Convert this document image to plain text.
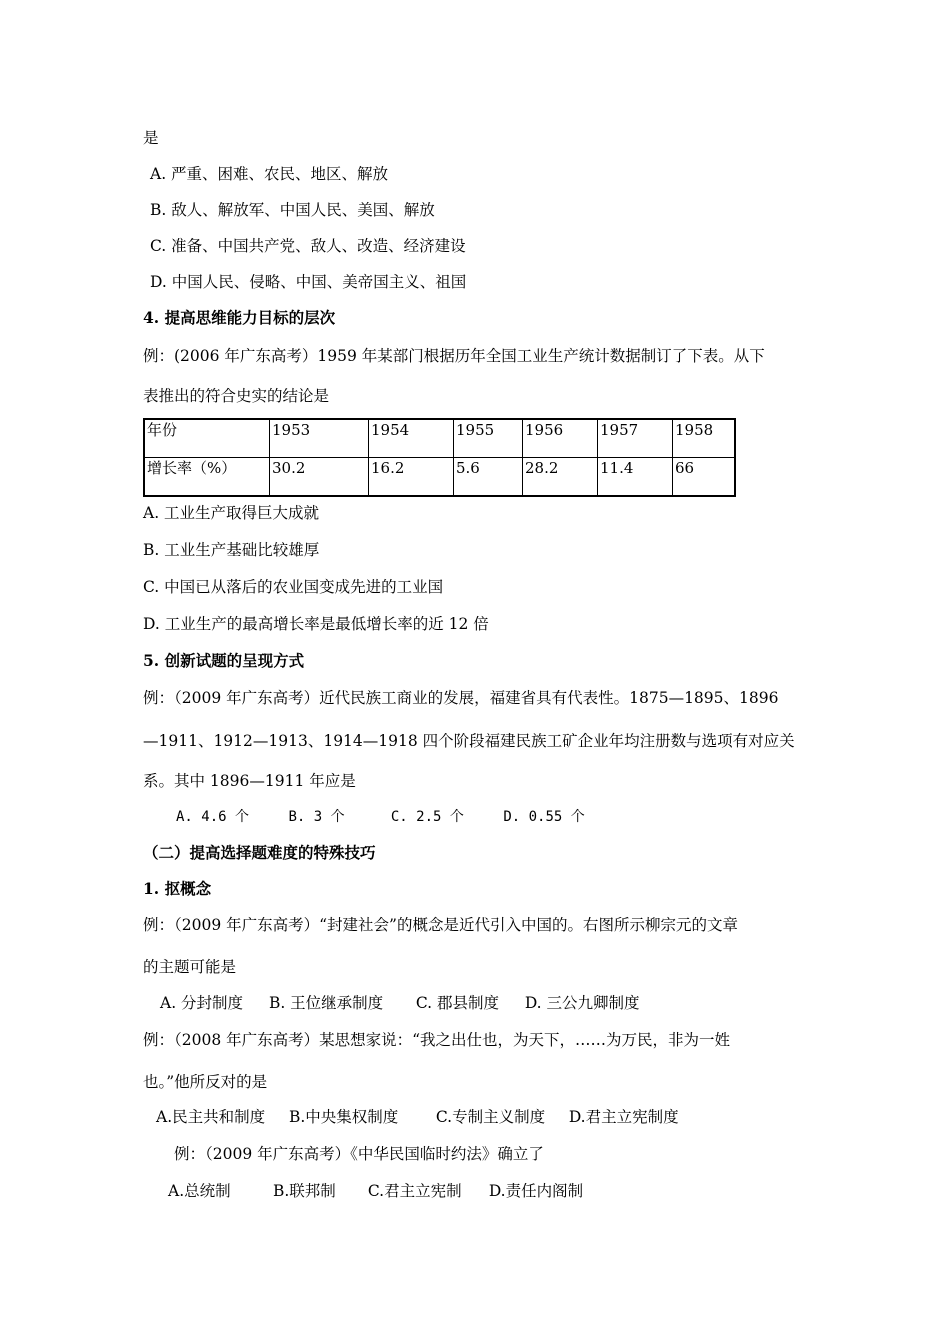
是
A. 严重、困难、农民、地区、解放
B. 敌人、解放军、中国人民、美国、解放
C. 准备、中国共产党、敌人、改造、经济建设
D. 中国人民、侵略、中国、美帝国主义、祖国
4. 提高思维能力目标的层次
例：(2006 年广东高考）1959 年某部门根据历年全国工业生产统计数据制订了下表。从下
表推出的符合史实的结论是
年份	1953	1954	1955	1956	1957	1958
增长率（%）	30.2	16.2	5.6	28.2	11.4	66
A. 工业生产取得巨大成就
B. 工业生产基础比较雄厚
C. 中国已从落后的农业国变成先进的工业国
D. 工业生产的最高增长率是最低增长率的近 12 倍
5. 创新试题的呈现方式
例：（2009 年广东高考）近代民族工商业的发展，福建省具有代表性。1875—1895、1896
—1911、1912—1913、1914—1918 四个阶段福建民族工矿企业年均注册数与选项有对应关
系。其中 1896—1911 年应是
A. 4.6 个	B. 3 个	C. 2.5 个	D. 0.55 个
（二）提高选择题难度的特殊技巧
1. 抠概念
例：（2009 年广东高考）“封建社会”的概念是近代引入中国的。右图所示柳宗元的文章
的主题可能是
A. 分封制度 B. 王位继承制度 C. 郡县制度 D. 三公九卿制度
例：（2008 年广东高考）某思想家说：“我之出仕也，为天下，……为万民，非为一姓
也。”他所反对的是
A.民主共和制度 B.中央集权制度 C.专制主义制度 D.君主立宪制度
例：（2009 年广东高考）《中华民国临时约法》确立了
A.总统制	B.联邦制 C.君主立宪制 D.责任内阁制
